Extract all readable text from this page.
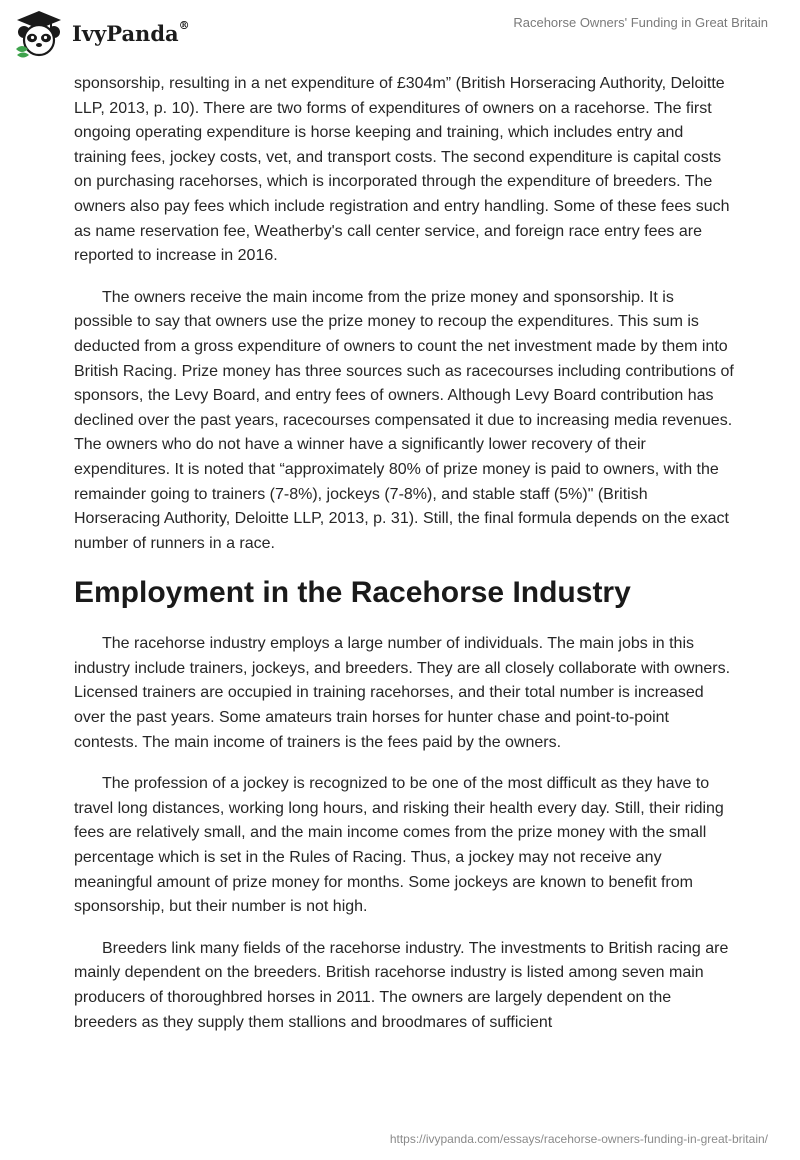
IvyPanda®	Racehorse Owners' Funding in Great Britain

sponsorship, resulting in a net expenditure of £304m” (British Horseracing Authority, Deloitte LLP, 2013, p. 10). There are two forms of expenditures of owners on a racehorse. The first ongoing operating expenditure is horse keeping and training, which includes entry and training fees, jockey costs, vet, and transport costs. The second expenditure is capital costs on purchasing racehorses, which is incorporated through the expenditure of breeders. The owners also pay fees which include registration and entry handling. Some of these fees such as name reservation fee, Weatherby's call center service, and foreign race entry fees are reported to increase in 2016.

The owners receive the main income from the prize money and sponsorship. It is possible to say that owners use the prize money to recoup the expenditures. This sum is deducted from a gross expenditure of owners to count the net investment made by them into British Racing. Prize money has three sources such as racecourses including contributions of sponsors, the Levy Board, and entry fees of owners. Although Levy Board contribution has declined over the past years, racecourses compensated it due to increasing media revenues. The owners who do not have a winner have a significantly lower recovery of their expenditures. It is noted that “approximately 80% of prize money is paid to owners, with the remainder going to trainers (7-8%), jockeys (7-8%), and stable staff (5%)" (British Horseracing Authority, Deloitte LLP, 2013, p. 31). Still, the final formula depends on the exact number of runners in a race.

Employment in the Racehorse Industry

The racehorse industry employs a large number of individuals. The main jobs in this industry include trainers, jockeys, and breeders. They are all closely collaborate with owners. Licensed trainers are occupied in training racehorses, and their total number is increased over the past years. Some amateurs train horses for hunter chase and point-to-point contests. The main income of trainers is the fees paid by the owners.

The profession of a jockey is recognized to be one of the most difficult as they have to travel long distances, working long hours, and risking their health every day. Still, their riding fees are relatively small, and the main income comes from the prize money with the small percentage which is set in the Rules of Racing. Thus, a jockey may not receive any meaningful amount of prize money for months. Some jockeys are known to benefit from sponsorship, but their number is not high.

Breeders link many fields of the racehorse industry. The investments to British racing are mainly dependent on the breeders. British racehorse industry is listed among seven main producers of thoroughbred horses in 2011. The owners are largely dependent on the breeders as they supply them stallions and broodmares of sufficient

https://ivypanda.com/essays/racehorse-owners-funding-in-great-britain/
